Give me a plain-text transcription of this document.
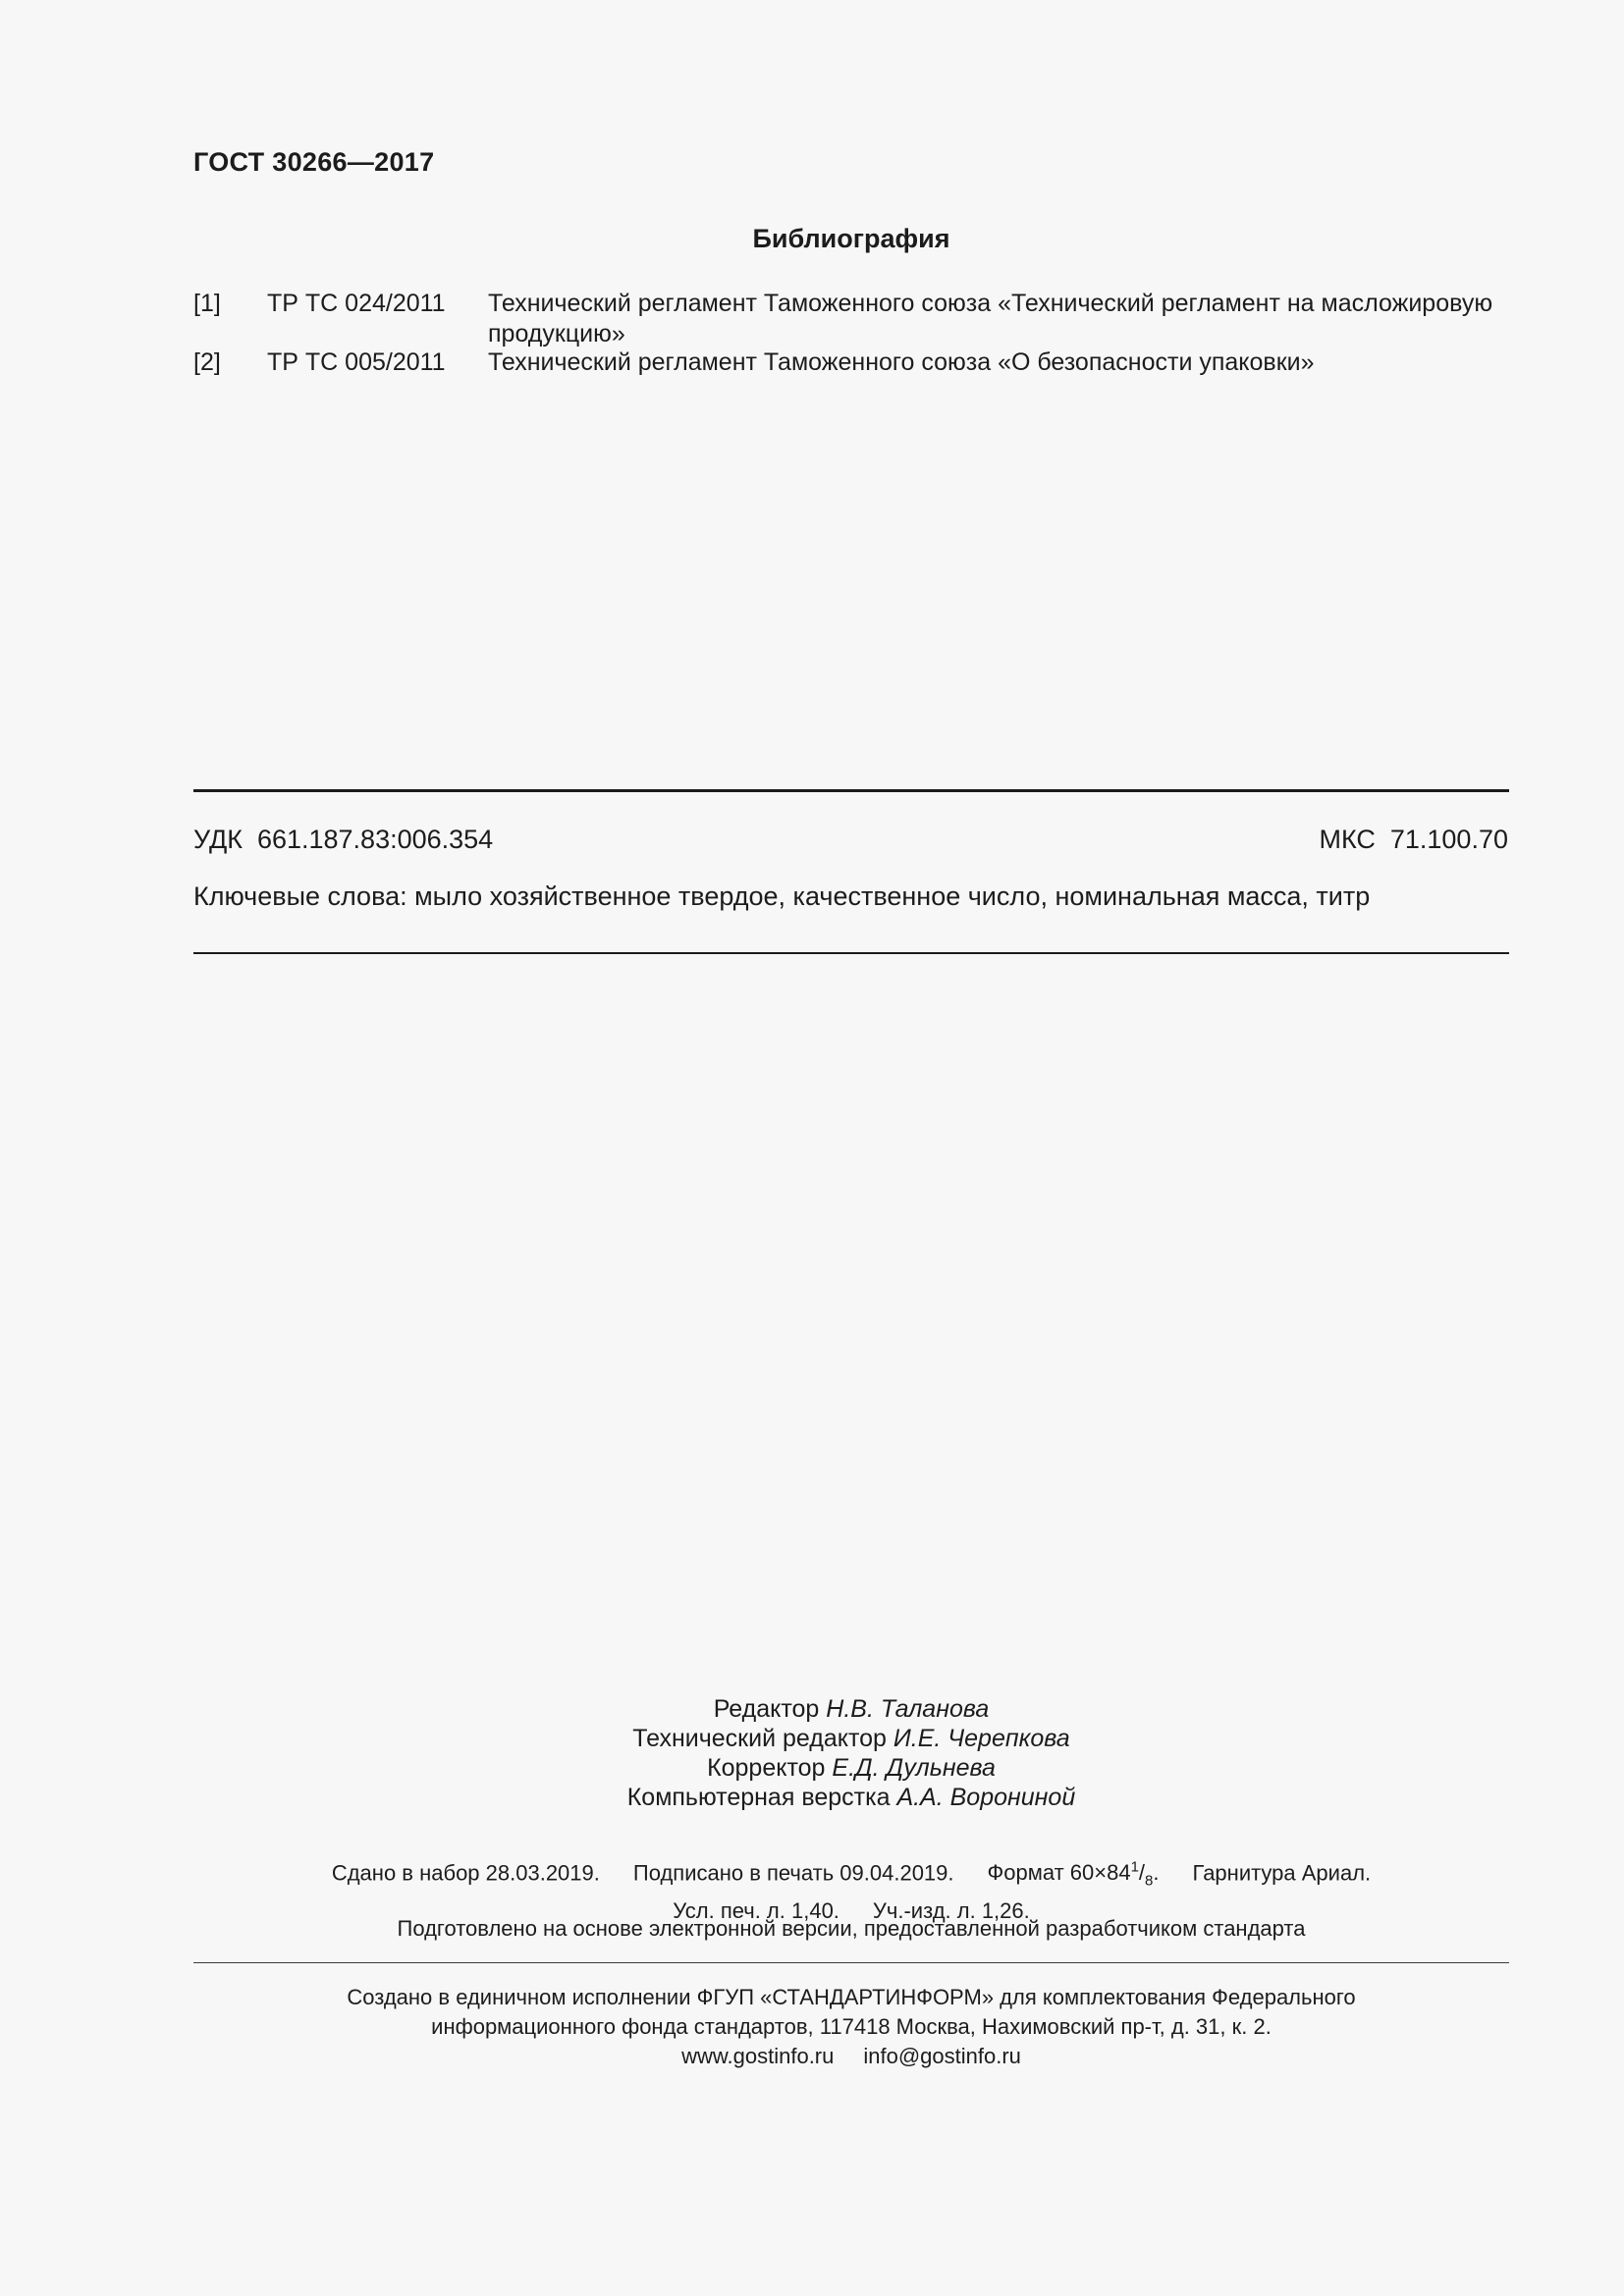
ГОСТ 30266—2017
Библиография
[1] ТР ТС 024/2011 Технический регламент Таможенного союза «Технический регламент на масложировую продукцию»
[2] ТР ТС 005/2011 Технический регламент Таможенного союза «О безопасности упаковки»
УДК  661.187.83:006.354	МКС  71.100.70
Ключевые слова: мыло хозяйственное твердое, качественное число, номинальная масса, титр
Редактор Н.В. Таланова
Технический редактор И.Е. Черепкова
Корректор Е.Д. Дульнева
Компьютерная верстка А.А. Ворониной
Сдано в набор 28.03.2019. Подписано в печать 09.04.2019. Формат $60\times 84^1/_8$. Гарнитура Ариал.
Усл. печ. л. 1,40. Уч.-изд. л. 1,26.
Подготовлено на основе электронной версии, предоставленной разработчиком стандарта
Создано в единичном исполнении ФГУП «СТАНДАРТИНФОРМ» для комплектования Федерального
информационного фонда стандартов, 117418 Москва, Нахимовский пр-т, д. 31, к. 2.
www.gostinfo.ru info@gostinfo.ru
